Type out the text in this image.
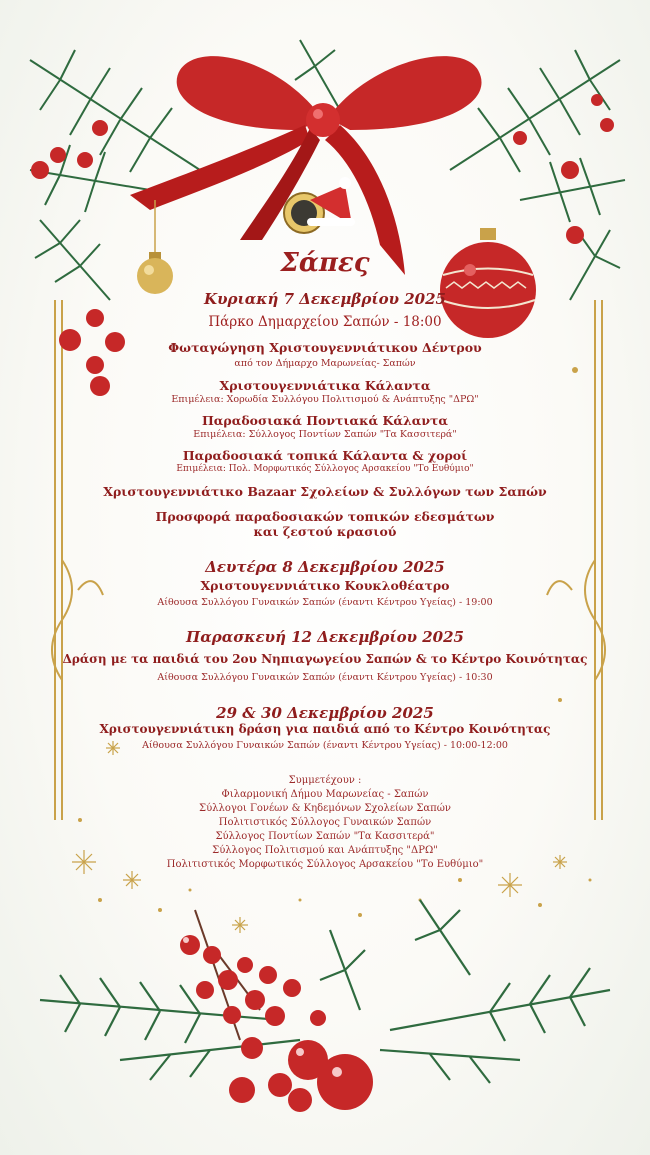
Σάπες
Κυριακή 7 Δεκεμβρίου 2025
Πάρκο Δημαρχείου Σαπών - 18:00
Φωταγώγηση Χριστουγεννιάτικου Δέντρου
από τον Δήμαρχο Μαρωνείας- Σαπών
Χριστουγεννιάτικα Κάλαντα
Επιμέλεια: Χορωδία Συλλόγου Πολιτισμού & Ανάπτυξης "ΔΡΩ"
Παραδοσιακά Ποντιακά Κάλαντα
Επιμέλεια: Σύλλογος Ποντίων Σαπών "Τα Κασσιτερά"
Παραδοσιακά τοπικά Κάλαντα & χοροί
Επιμέλεια: Πολ. Μορφωτικός Σύλλογος Αρσακείου "Το Ευθύμιο"
Χριστουγεννιάτικο Bazaar Σχολείων & Συλλόγων των Σαπών
Προσφορά παραδοσιακών τοπικών εδεσμάτων
και ζεστού κρασιού
Δευτέρα 8 Δεκεμβρίου 2025
Χριστουγεννιάτικο Κουκλοθέατρο
Αίθουσα Συλλόγου Γυναικών Σαπών (έναντι Κέντρου Υγείας) - 19:00
Παρασκευή 12 Δεκεμβρίου 2025
Δράση με τα παιδιά του 2ου Νηπιαγωγείου Σαπών & το Κέντρο Κοινότητας
Αίθουσα Συλλόγου Γυναικών Σαπών (έναντι Κέντρου Υγείας) - 10:30
29 & 30 Δεκεμβρίου 2025
Χριστουγεννιάτικη δράση για παιδιά από το Κέντρο Κοινότητας
Αίθουσα Συλλόγου Γυναικών Σαπών (έναντι Κέντρου Υγείας) - 10:00-12:00
Συμμετέχουν :
Φιλαρμονική Δήμου Μαρωνείας - Σαπών
Σύλλογοι Γονέων & Κηδεμόνων Σχολείων Σαπών
Πολιτιστικός Σύλλογος Γυναικών Σαπών
Σύλλογος Ποντίων Σαπών "Τα Κασσιτερά"
Σύλλογος Πολιτισμού και Ανάπτυξης "ΔΡΩ"
Πολιτιστικός Μορφωτικός Σύλλογος Αρσακείου "Το Ευθύμιο"
